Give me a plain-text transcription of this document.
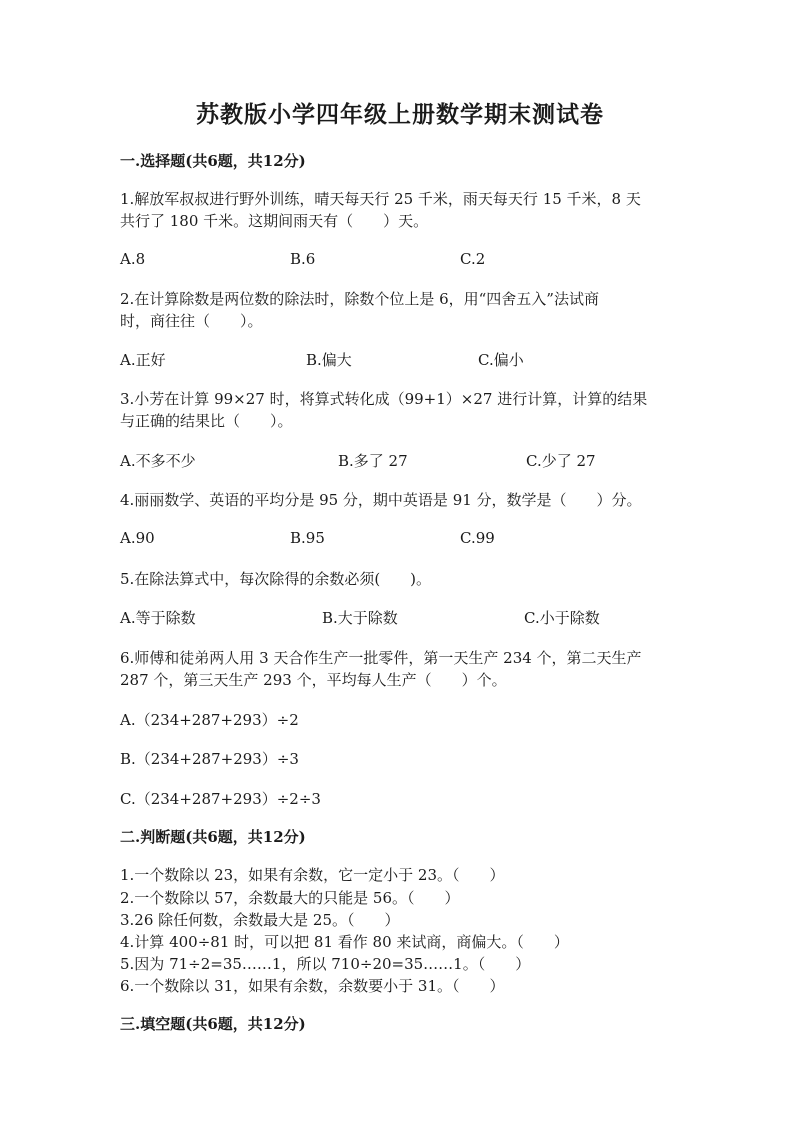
苏教版小学四年级上册数学期末测试卷
一.选择题(共6题，共12分)
1.解放军叔叔进行野外训练，晴天每天行 25 千米，雨天每天行 15 千米，8 天
共行了 180 千米。这期间雨天有（　　）天。
A.8	B.6	C.2
2.在计算除数是两位数的除法时，除数个位上是 6，用“四舍五入”法试商
时，商往往（　　）。
A.正好	B.偏大	C.偏小
3.小芳在计算 99×27 时，将算式转化成（99+1）×27 进行计算，计算的结果
与正确的结果比（　　）。
A.不多不少	B.多了 27	C.少了 27
4.丽丽数学、英语的平均分是 95 分，期中英语是 91 分，数学是（　　）分。
A.90	B.95	C.99
5.在除法算式中，每次除得的余数必须(　　)。
A.等于除数	B.大于除数	C.小于除数
6.师傅和徒弟两人用 3 天合作生产一批零件，第一天生产 234 个，第二天生产
287 个，第三天生产 293 个，平均每人生产（　　）个。
A.（234+287+293）÷2
B.（234+287+293）÷3
C.（234+287+293）÷2÷3
二.判断题(共6题，共12分)
1.一个数除以 23，如果有余数，它一定小于 23。（　　）
2.一个数除以 57，余数最大的只能是 56。（　　）
3.26 除任何数，余数最大是 25。（　　）
4.计算 400÷81 时，可以把 81 看作 80 来试商，商偏大。（　　）
5.因为 71÷2=35……1，所以 710÷20=35……1。（　　）
6.一个数除以 31，如果有余数，余数要小于 31。（　　）
三.填空题(共6题，共12分)
